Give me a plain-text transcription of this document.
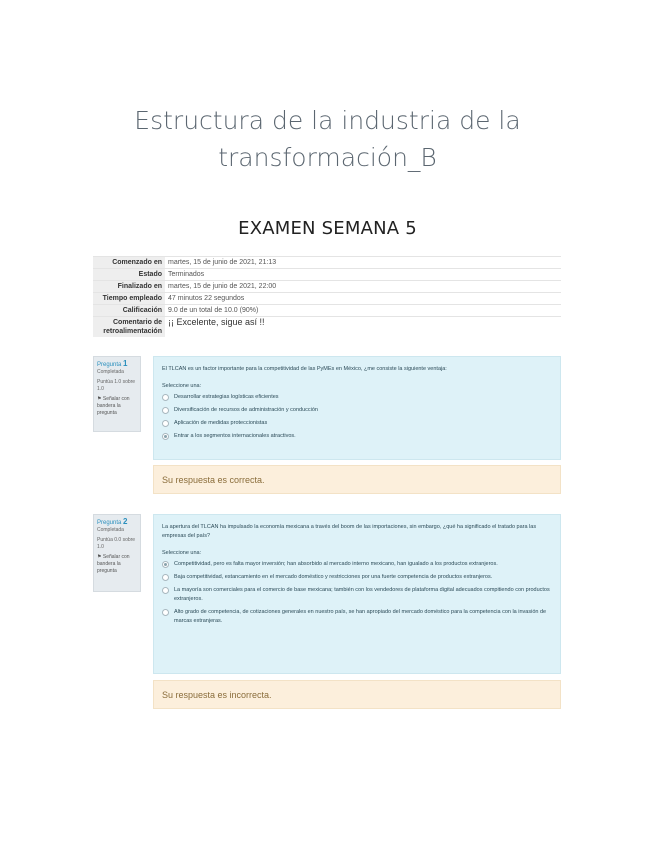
Estructura de la industria de la
transformación_B
EXAMEN SEMANA 5
Comenzado en	martes, 15 de junio de 2021, 21:13
Estado	Terminados
Finalizado en	martes, 15 de junio de 2021, 22:00
Tiempo empleado	47 minutos 22 segundos
Calificación	9.0 de un total de 10.0 (90%)
Comentario de retroalimentación	¡¡ Excelente, sigue así !!
Pregunta 1
Completada
Puntúa 1.0 sobre 1.0
⚑ Señalar con bandera la pregunta
El TLCAN es un factor importante para la competitividad de las PyMEs en México, ¿me consiste la siguiente ventaja:
Seleccione una:
Desarrollar estrategias logísticas eficientes
Diversificación de recursos de administración y conducción
Aplicación de medidas proteccionistas
Entrar a los segmentos internacionales atractivos.
Su respuesta es correcta.
Pregunta 2
Completada
Puntúa 0.0 sobre 1.0
⚑ Señalar con bandera la pregunta
La apertura del TLCAN ha impulsado la economía mexicana a través del boom de las importaciones, sin embargo, ¿qué ha significado el tratado para las empresas del país?
Seleccione una:
Competitividad, pero es falta mayor inversión; han absorbido al mercado interno mexicano, han igualado a los productos extranjeros.
Baja competitividad, estancamiento en el mercado doméstico y restricciones por una fuerte competencia de productos extranjeros.
La mayoría son comerciales para el comercio de base mexicana; también con los vendedores de plataforma digital adecuados compitiendo con productos extranjeros.
Alto grado de competencia, de cotizaciones generales en nuestro país, se han apropiado del mercado doméstico para la competencia con la invasión de marcas extranjeras.
Su respuesta es incorrecta.
